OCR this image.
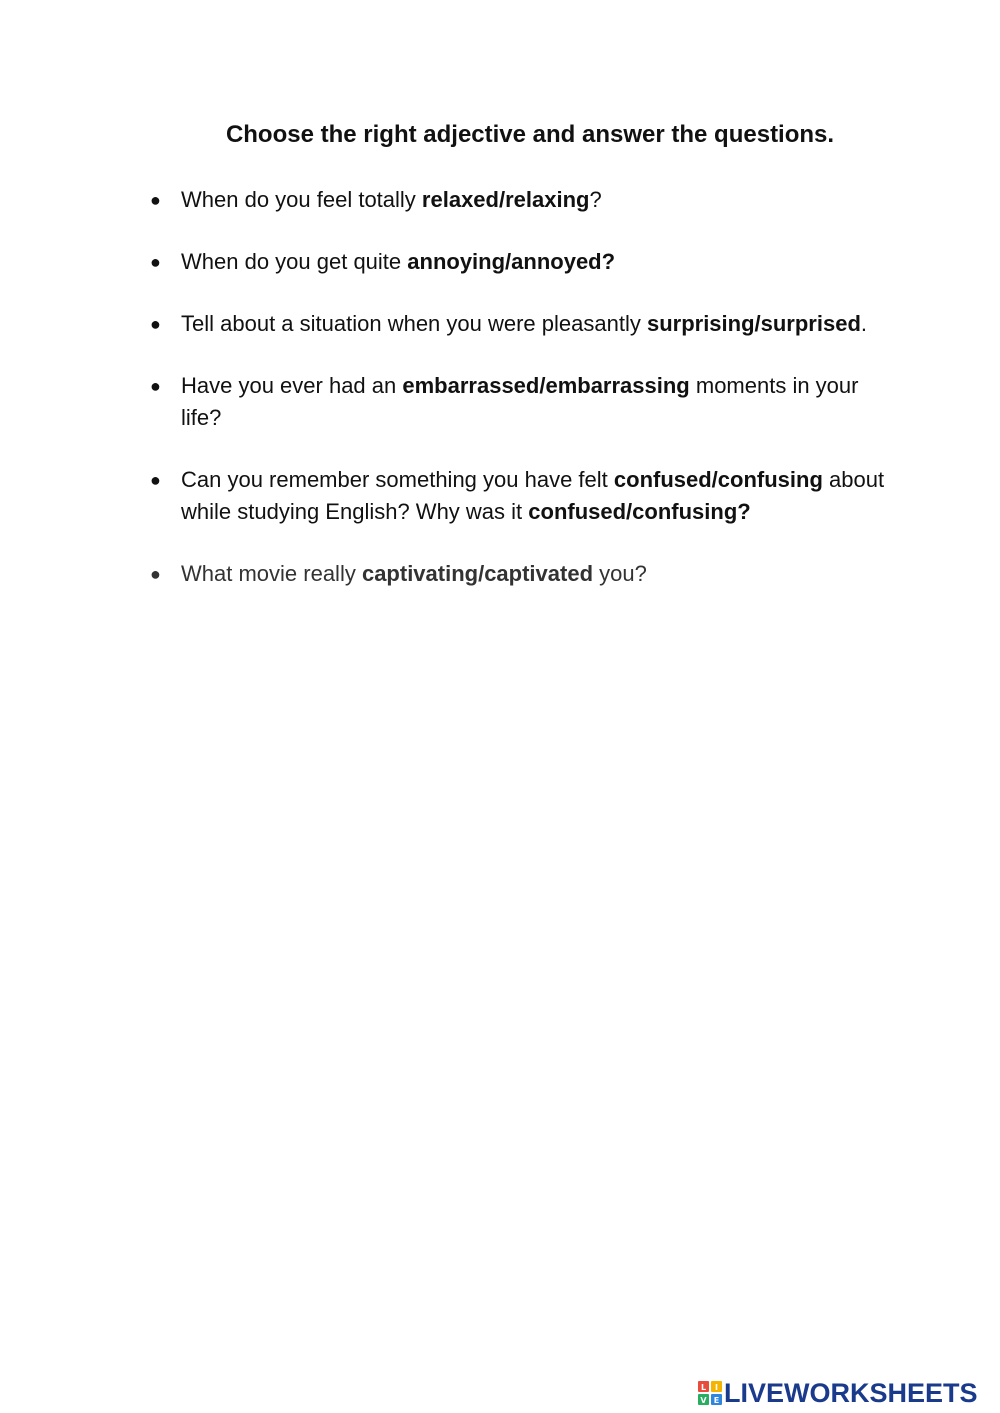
Choose the right adjective and answer the questions.
● When do you feel totally relaxed/relaxing?
● When do you get quite annoying/annoyed?
● Tell about a situation when you were pleasantly surprising/surprised.
● Have you ever had an embarrassed/embarrassing moments in your life?
● Can you remember something you have felt confused/confusing about while studying English? Why was it confused/confusing?
● What movie really captivating/captivated you?
L I
V E LIVEWORKSHEETS
